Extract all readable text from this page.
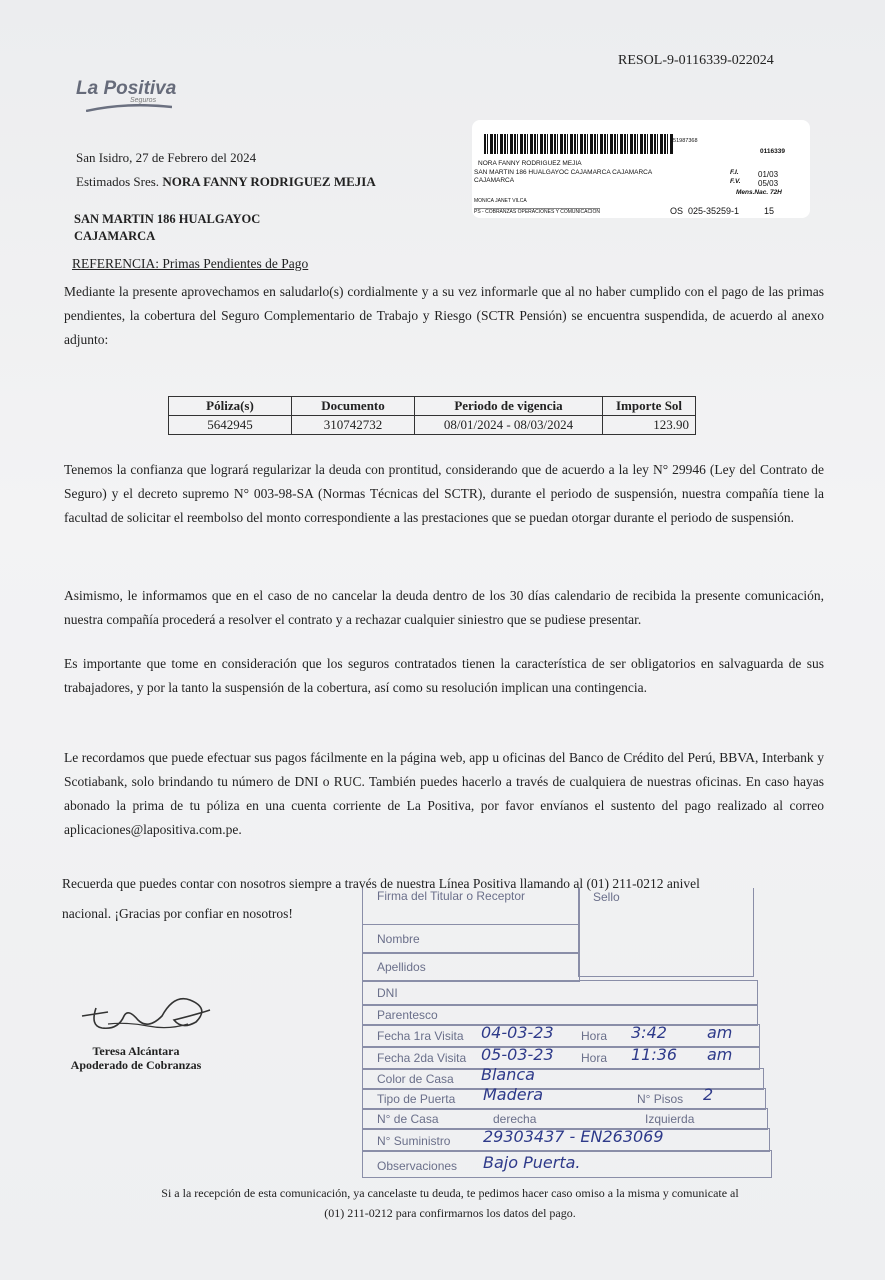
La Positiva
Seguros
RESOL-9-0116339-022024
951987368
0116339
NORA FANNY RODRIGUEZ MEJIA
SAN MARTIN 186 HUALGAYOC CAJAMARCA CAJAMARCA
CAJAMARCA
F.I. 01/03
F.V. 05/03
Mens.Nac. 72H
MONICA JANET VILCA
PS - COBRANZAS OPERACIONES Y COMUNICACION	OS 025-35259-1	15
San Isidro, 27 de Febrero del 2024
Estimados Sres. NORA FANNY RODRIGUEZ MEJIA
SAN MARTIN 186 HUALGAYOC
CAJAMARCA
REFERENCIA: Primas Pendientes de Pago
Mediante la presente aprovechamos en saludarlo(s) cordialmente y a su vez informarle que al no haber cumplido con el pago de las primas pendientes, la cobertura del Seguro Complementario de Trabajo y Riesgo (SCTR Pensión) se encuentra suspendida, de acuerdo al anexo adjunto:
Póliza(s)	Documento	Periodo de vigencia	Importe Sol
5642945	310742732	08/01/2024 - 08/03/2024	123.90
Tenemos la confianza que logrará regularizar la deuda con prontitud, considerando que de acuerdo a la ley N° 29946 (Ley del Contrato de Seguro) y el decreto supremo N° 003-98-SA (Normas Técnicas del SCTR), durante el periodo de suspensión, nuestra compañía tiene la facultad de solicitar el reembolso del monto correspondiente a las prestaciones que se puedan otorgar durante el periodo de suspensión.
Asimismo, le informamos que en el caso de no cancelar la deuda dentro de los 30 días calendario de recibida la presente comunicación, nuestra compañía procederá a resolver el contrato y a rechazar cualquier siniestro que se pudiese presentar.
Es importante que tome en consideración que los seguros contratados tienen la característica de ser obligatorios en salvaguarda de sus trabajadores, y por la tanto la suspensión de la cobertura, así como su resolución implican una contingencia.
Le recordamos que puede efectuar sus pagos fácilmente en la página web, app u oficinas del Banco de Crédito del Perú, BBVA, Interbank y Scotiabank, solo brindando tu número de DNI o RUC. También puedes hacerlo a través de cualquiera de nuestras oficinas. En caso hayas abonado la prima de tu póliza en una cuenta corriente de La Positiva, por favor envíanos el sustento del pago realizado al correo aplicaciones@lapositiva.com.pe.
Recuerda que puedes contar con nosotros siempre a través de nuestra Línea Positiva llamando al (01) 211-0212 anivel
nacional. ¡Gracias por confiar en nosotros!
Teresa Alcántara
Apoderado de Cobranzas
Firma del Titular o Receptor	Sello
Nombre
Apellidos
DNI
Parentesco
Fecha 1ra Visita 04-03-23 Hora 3:42	am
Fecha 2da Visita 05-03-23 Hora 11:36 am
Color de Casa Blanca
Tipo de Puerta Madera	N° Pisos 2
N° de Casa	derecha	Izquierda
N° Suministro 29303437 - EN263069
Observaciones Bajo Puerta.
Si a la recepción de esta comunicación, ya cancelaste tu deuda, te pedimos hacer caso omiso a la misma y comunicate al
(01) 211-0212 para confirmarnos los datos del pago.
